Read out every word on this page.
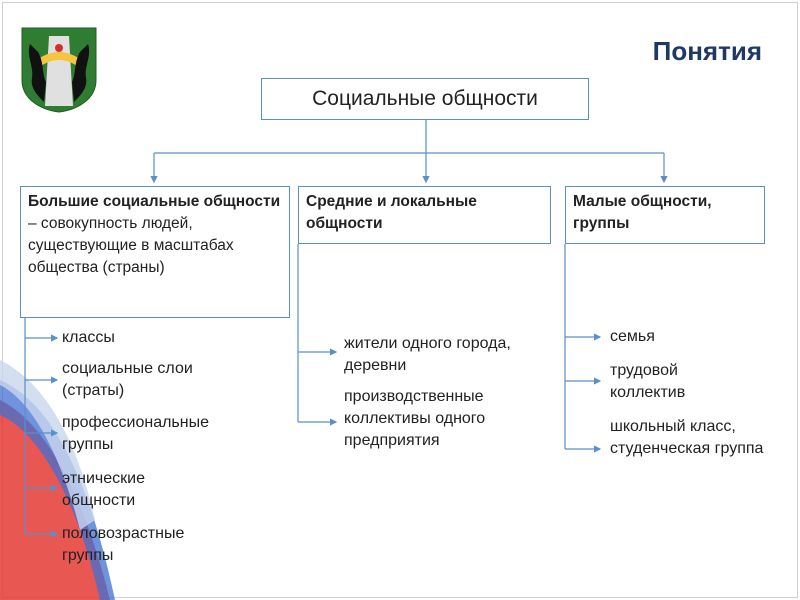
Понятия
Социальные общности
Большие социальные общности – совокупность людей, существующие в масштабах общества (страны)
Средние и локальные общности
Малые общности, группы
классы
социальные слои (страты)
профессиональные группы
этнические общности
половозрастные группы
жители одного города, деревни
производственные коллективы одного предприятия
семья
трудовой коллектив
школьный класс, студенческая группа
